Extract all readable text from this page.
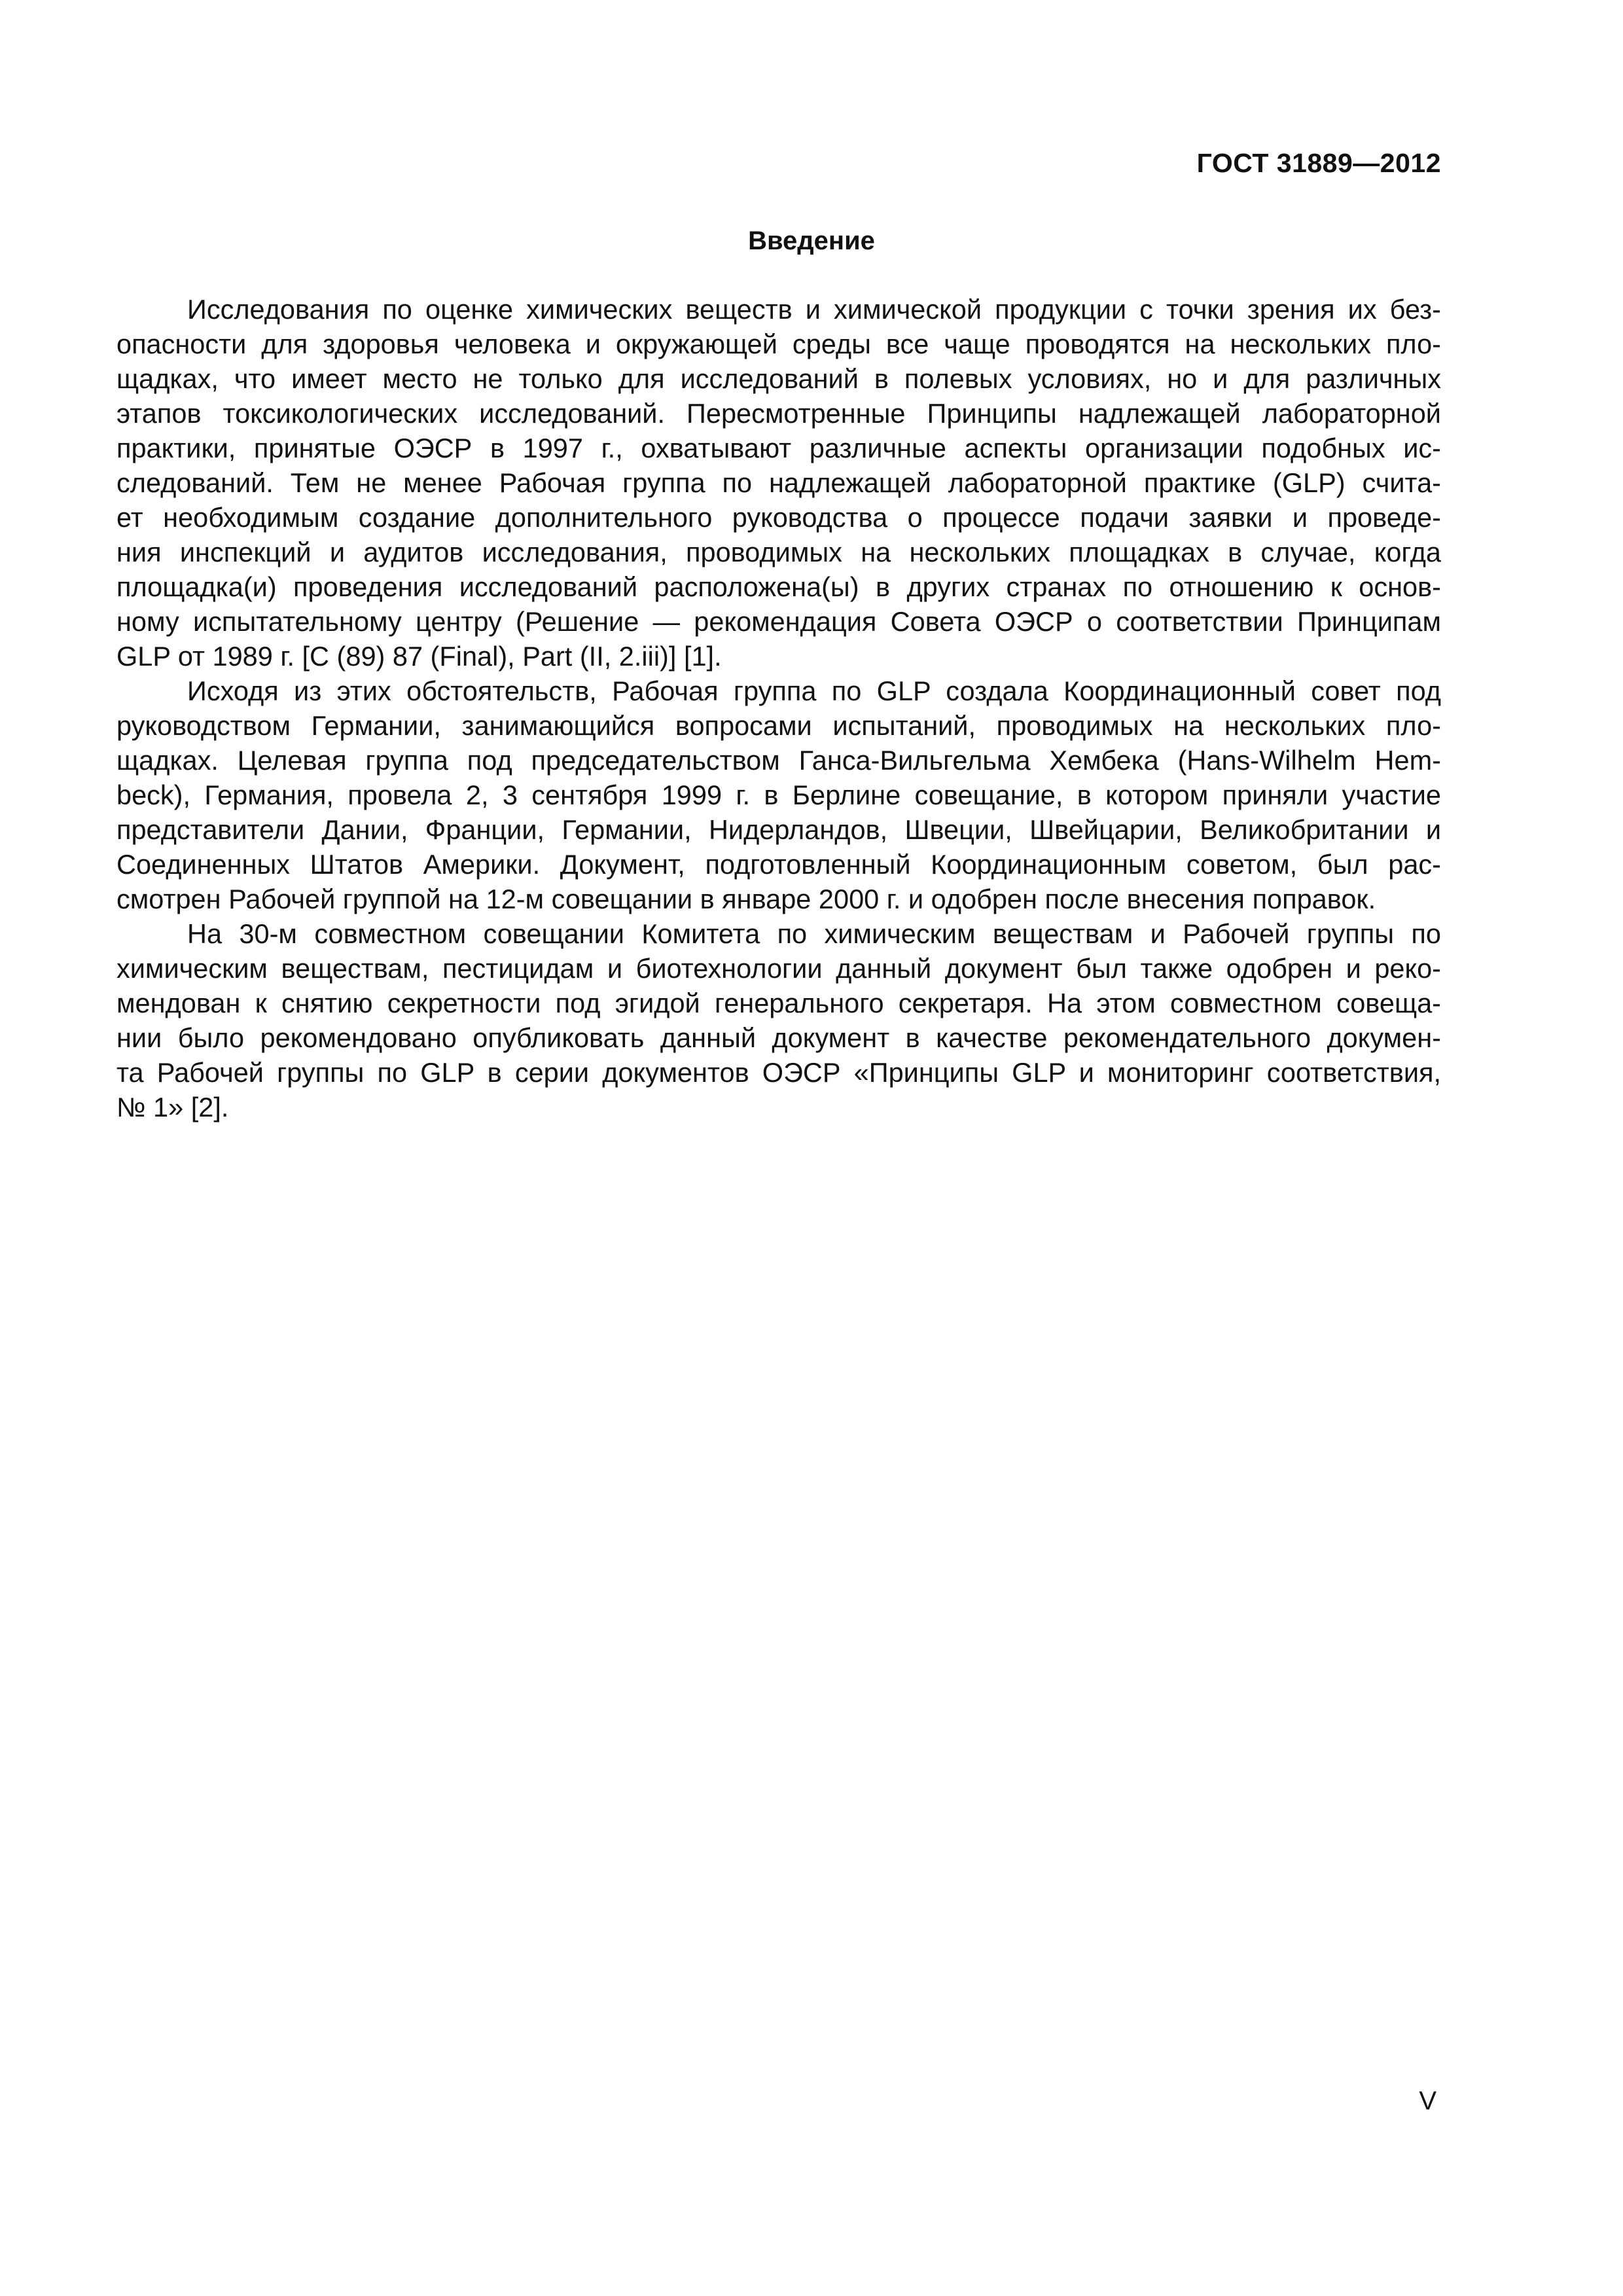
ГОСТ 31889—2012
Введение
Исследования по оценке химических веществ и химической продукции с точки зрения их без-
опасности для здоровья человека и окружающей среды все чаще проводятся на нескольких пло-
щадках, что имеет место не только для исследований в полевых условиях, но и для различных
этапов токсикологических исследований. Пересмотренные Принципы надлежащей лабораторной
практики, принятые ОЭСР в 1997 г., охватывают различные аспекты организации подобных ис-
следований. Тем не менее Рабочая группа по надлежащей лабораторной практике (GLP) счита-
ет необходимым создание дополнительного руководства о процессе подачи заявки и проведе-
ния инспекций и аудитов исследования, проводимых на нескольких площадках в случае, когда
площадка(и) проведения исследований расположена(ы) в других странах по отношению к основ-
ному испытательному центру (Решение — рекомендация Совета ОЭСР о соответствии Принципам
GLP от 1989 г. [С (89) 87 (Final), Part (II, 2.iii)] [1].
Исходя из этих обстоятельств, Рабочая группа по GLP создала Координационный совет под
руководством Германии, занимающийся вопросами испытаний, проводимых на нескольких пло-
щадках. Целевая группа под председательством Ганса-Вильгельма Хембека (Hans-Wilhelm Hem-
beck), Германия, провела 2, 3 сентября 1999 г. в Берлине совещание, в котором приняли участие
представители Дании, Франции, Германии, Нидерландов, Швеции, Швейцарии, Великобритании и
Соединенных Штатов Америки. Документ, подготовленный Координационным советом, был рас-
смотрен Рабочей группой на 12-м совещании в январе 2000 г. и одобрен после внесения поправок.
На 30-м совместном совещании Комитета по химическим веществам и Рабочей группы по
химическим веществам, пестицидам и биотехнологии данный документ был также одобрен и реко-
мендован к снятию секретности под эгидой генерального секретаря. На этом совместном совеща-
нии было рекомендовано опубликовать данный документ в качестве рекомендательного докумен-
та Рабочей группы по GLP в серии документов ОЭСР «Принципы GLP и мониторинг соответствия,
№ 1» [2].
V
